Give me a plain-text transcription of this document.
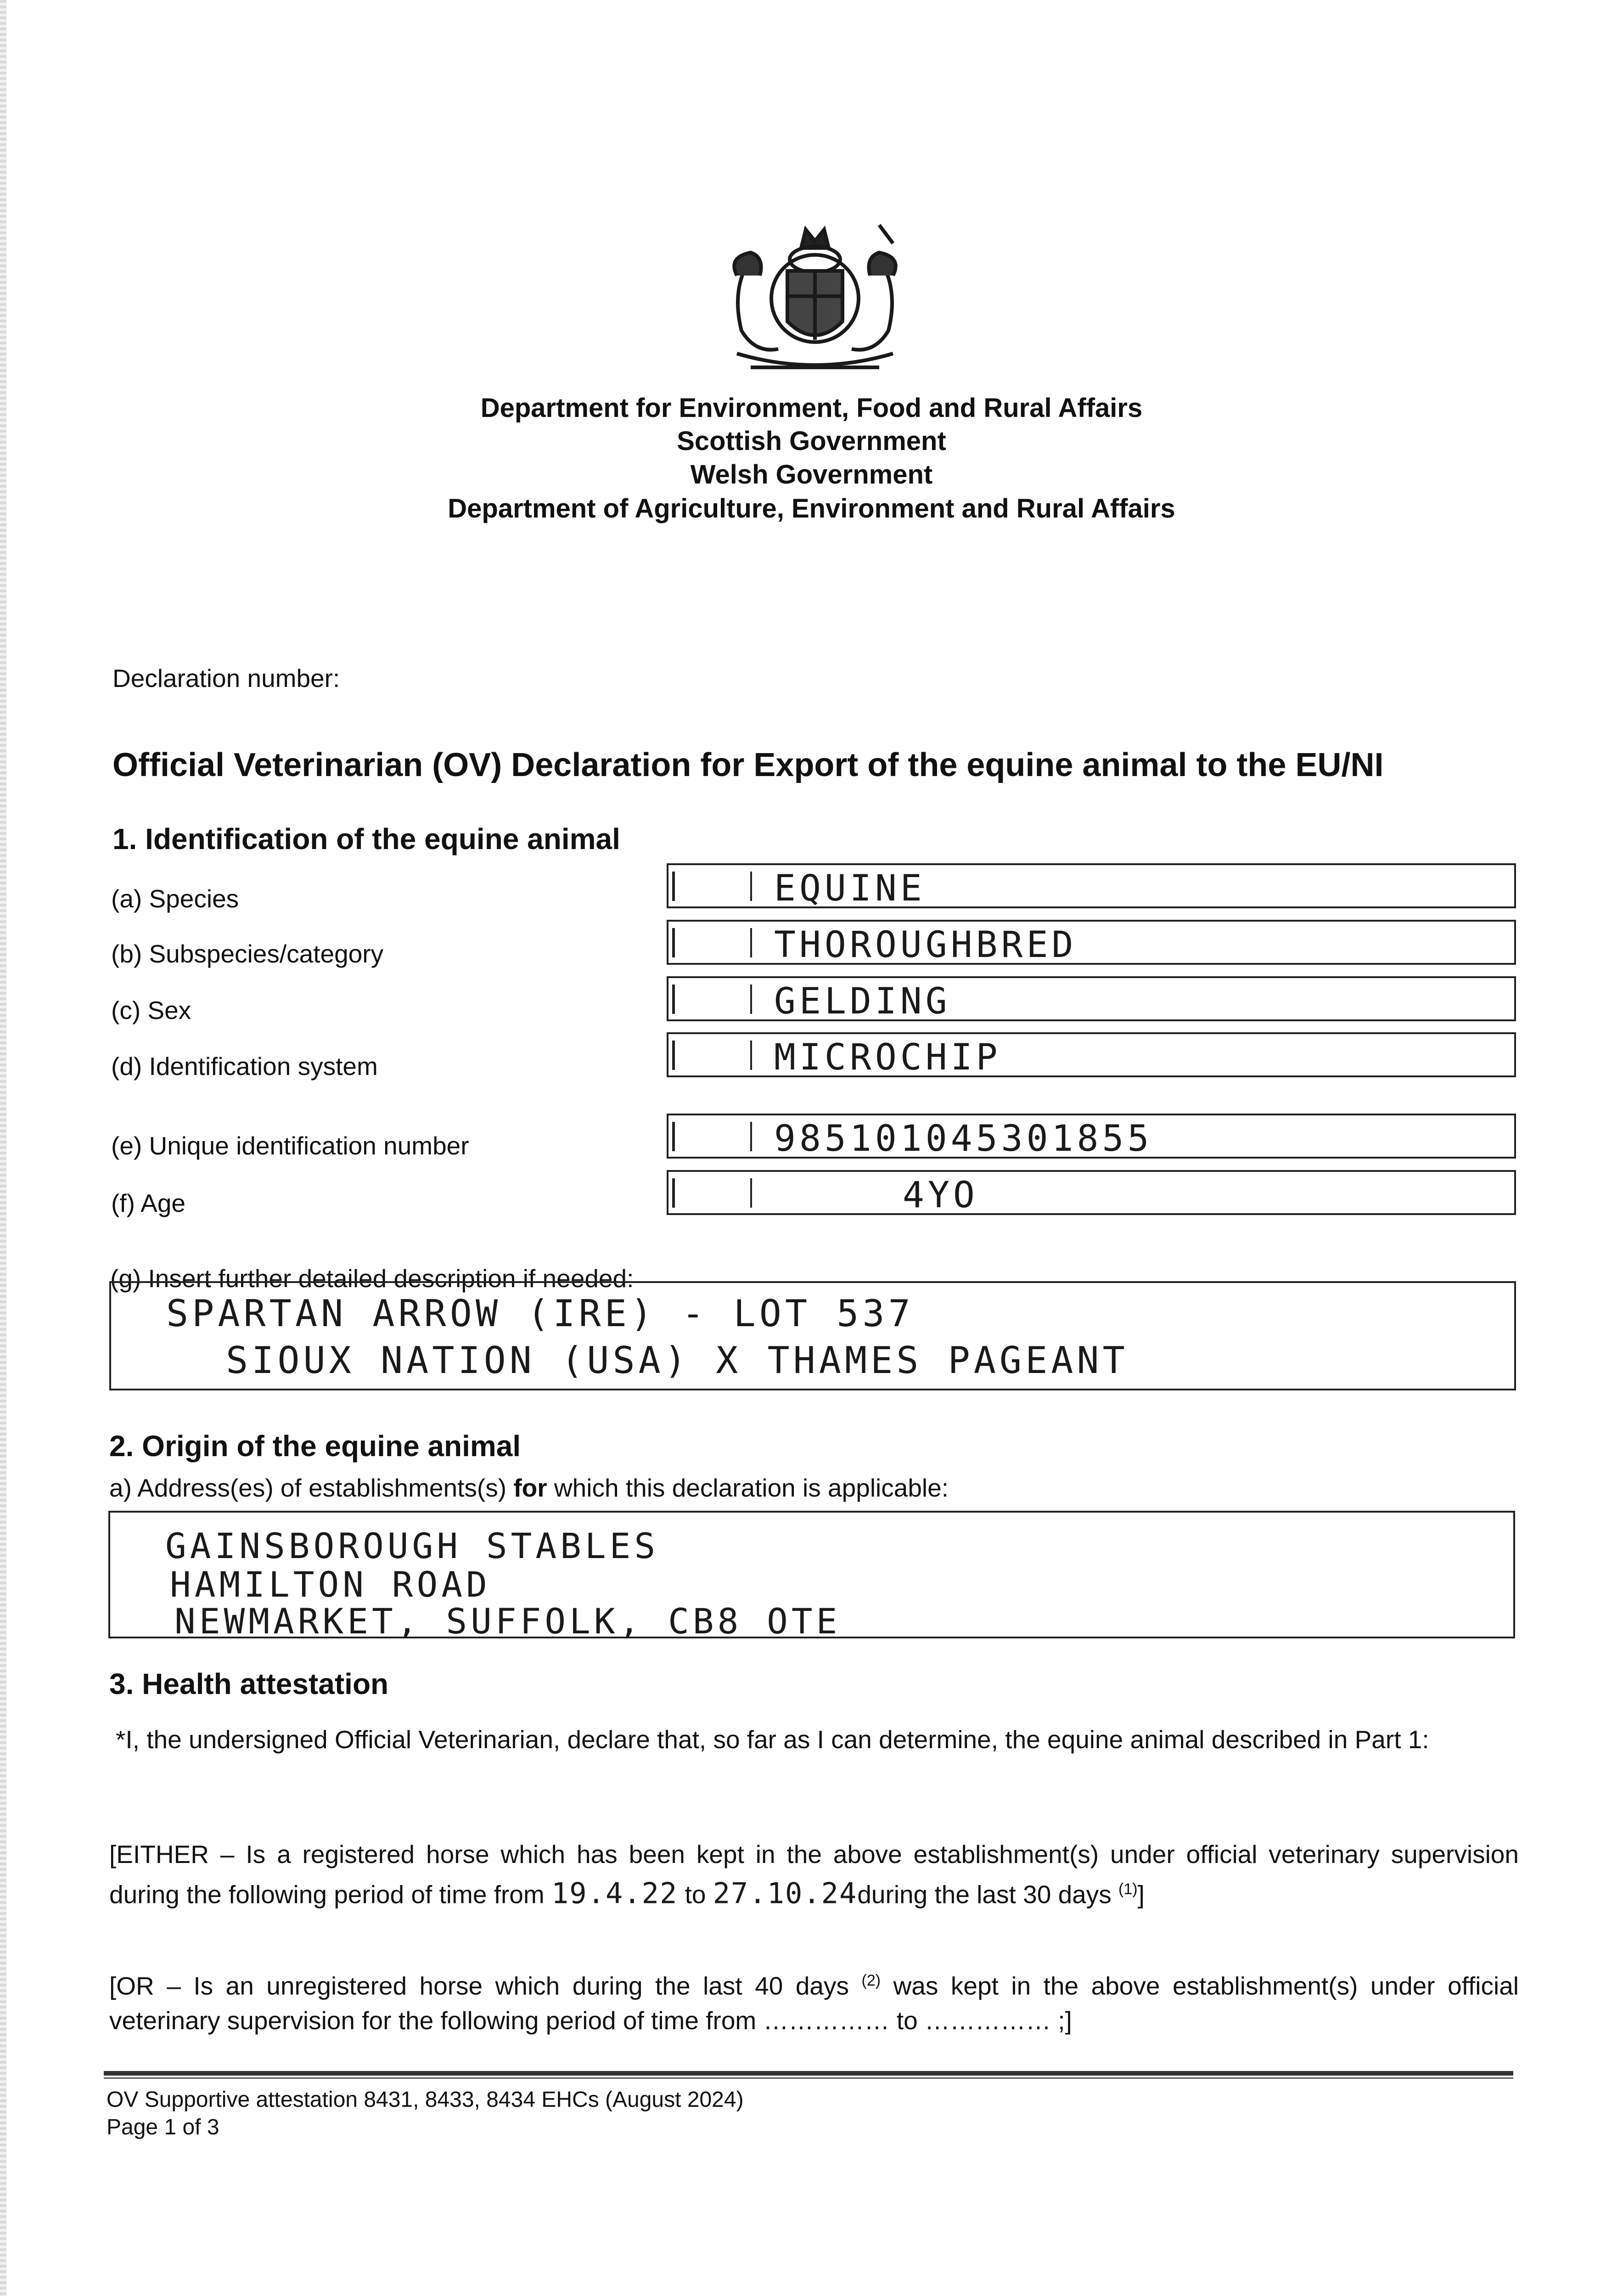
Department for Environment, Food and Rural Affairs
Scottish Government
Welsh Government
Department of Agriculture, Environment and Rural Affairs
Declaration number:
Official Veterinarian (OV) Declaration for Export of the equine animal to the EU/NI
1. Identification of the equine animal
(a) Species	EQUINE
(b) Subspecies/category	THOROUGHBRED
(c) Sex	GELDING
(d) Identification system	MICROCHIP
(e) Unique identification number	985101045301855
(f) Age	4YO
(g) Insert further detailed description if needed:
SPARTAN ARROW (IRE) - LOT 537
SIOUX NATION (USA) X THAMES PAGEANT
2. Origin of the equine animal
a) Address(es) of establishments(s) for which this declaration is applicable:
GAINSBOROUGH STABLES
HAMILTON ROAD
NEWMARKET, SUFFOLK, CB8 OTE
3. Health attestation
*I, the undersigned Official Veterinarian, declare that, so far as I can determine, the equine animal described in Part 1:
[EITHER – Is a registered horse which has been kept in the above establishment(s) under official veterinary supervision during the following period of time from 19.4.22 to 27.10.24during the last 30 days $^{(1)}$]
[OR – Is an unregistered horse which during the last 40 days $^{(2)}$ was kept in the above establishment(s) under official veterinary supervision for the following period of time from …………… to …………… ;]
OV Supportive attestation 8431, 8433, 8434 EHCs (August 2024)
Page 1 of 3
